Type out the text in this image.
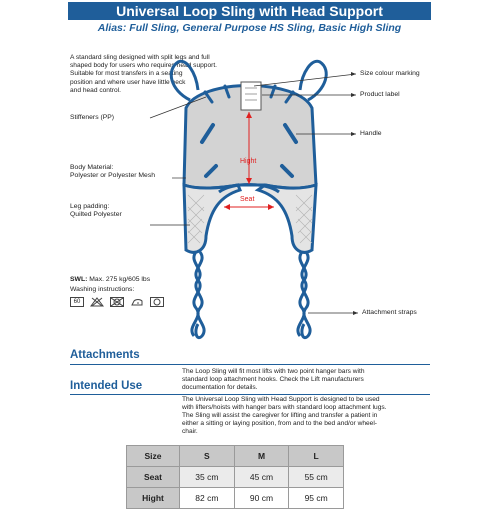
Universal Loop Sling with Head Support
Alias: Full Sling, General Purpose HS Sling, Basic High Sling
A standard sling designed with split legs and full
shaped body for users who requires head support.
Suitable for most transfers in a seating
position and where user have little neck
and head control.
Hight
Seat
Stiffeners (PP)
Body Material:
Polyester or Polyester Mesh
Leg padding:
Quilted Polyester
Size colour marking
Product label
Handle
Attachment straps
SWL: Max. 275 kg/605 lbs
Washing instructions:
60
Attachments
The Loop Sling will fit most lifts with two point hanger bars with
standard loop attachment hooks. Check the Lift manufacturers
documentation for details.
Intended Use
The Universal Loop Sling with Head Support is designed to be used
with lifters/hoists with hanger bars with standard loop attachment lugs.
The Sling will assist the caregiver for lifting and transfer a patient in
either a sitting or laying position, from and to the bed and/or wheel-
chair.
Size	S	M	L
Seat	35 cm	45 cm	55 cm
Hight	82 cm	90 cm	95 cm
